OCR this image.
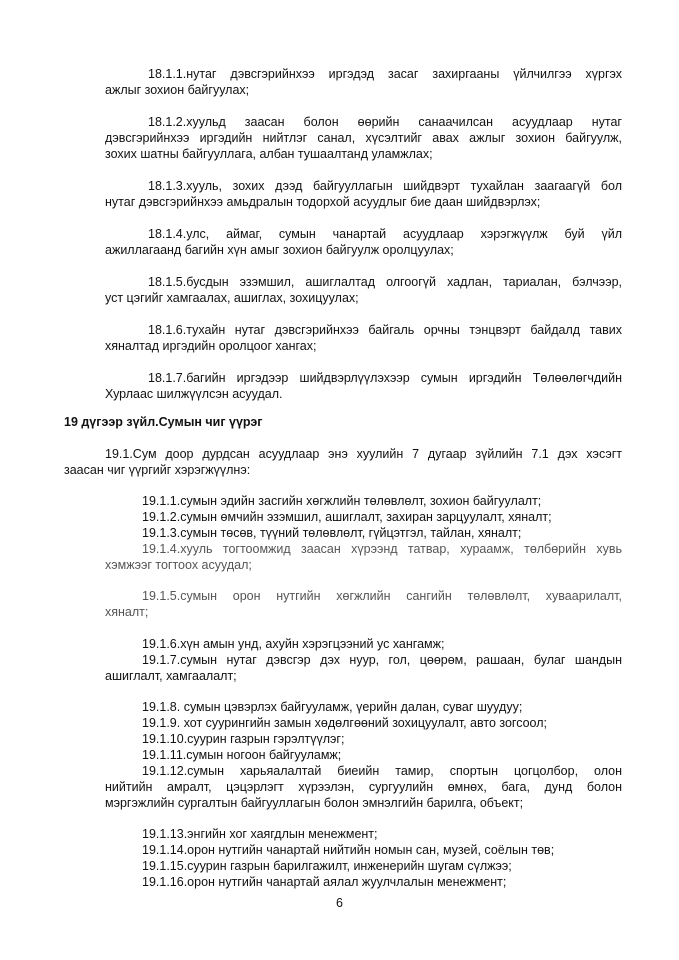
18.1.1.нутаг дэвсгэрийнхээ иргэдэд засаг захиргааны үйлчилгээ хүргэх
ажлыг зохион байгуулах;
18.1.2.хуульд заасан болон өөрийн санаачилсан асуудлаар нутаг
дэвсгэрийнхээ иргэдийн нийтлэг санал, хүсэлтийг авах ажлыг зохион байгуулж,
зохих шатны байгууллага, албан тушаалтанд уламжлах;
18.1.3.хууль, зохих дээд байгууллагын шийдвэрт тухайлан заагаагүй бол
нутаг дэвсгэрийнхээ амьдралын тодорхой асуудлыг бие даан шийдвэрлэх;
18.1.4.улс, аймаг, сумын чанартай асуудлаар хэрэгжүүлж буй үйл
ажиллагаанд багийн хүн амыг зохион байгуулж оролцуулах;
18.1.5.бусдын эзэмшил, ашиглалтад олгоогүй хадлан, тариалан, бэлчээр,
уст цэгийг хамгаалах, ашиглах, зохицуулах;
18.1.6.тухайн нутаг дэвсгэрийнхээ байгаль орчны тэнцвэрт байдалд тавих
хяналтад иргэдийн оролцоог хангах;
18.1.7.багийн иргэдээр шийдвэрлүүлэхээр сумын иргэдийн Төлөөлөгчдийн
Хурлаас шилжүүлсэн асуудал.
19 дүгээр зүйл.Сумын чиг үүрэг
19.1.Сум доор дурдсан асуудлаар энэ хуулийн 7 дугаар зүйлийн 7.1 дэх хэсэгт
заасан чиг үүргийг хэрэгжүүлнэ:
19.1.1.сумын эдийн засгийн хөгжлийн төлөвлөлт, зохион байгуулалт;
19.1.2.сумын өмчийн эзэмшил, ашиглалт, захиран зарцуулалт, хяналт;
19.1.3.сумын төсөв, түүний төлөвлөлт, гүйцэтгэл, тайлан, хяналт;
19.1.4.хууль тогтоомжид заасан хүрээнд татвар, хураамж, төлбөрийн хувь
хэмжээг тогтоох асуудал;
19.1.5.сумын орон нутгийн хөгжлийн сангийн төлөвлөлт, хуваарилалт,
хяналт;
19.1.6.хүн амын унд, ахуйн хэрэгцээний ус хангамж;
19.1.7.сумын нутаг дэвсгэр дэх нуур, гол, цөөрөм, рашаан, булаг шандын
ашиглалт, хамгаалалт;
19.1.8. сумын цэвэрлэх байгууламж, үерийн далан, суваг шуудуу;
19.1.9. хот суурингийн замын хөдөлгөөний зохицуулалт, авто зогсоол;
19.1.10.суурин газрын гэрэлтүүлэг;
19.1.11.сумын ногоон байгууламж;
19.1.12.сумын харьяалалтай биеийн тамир, спортын цогцолбор, олон
нийтийн амралт, цэцэрлэгт хүрээлэн, сургуулийн өмнөх, бага, дунд болон
мэргэжлийн сургалтын байгууллагын болон эмнэлгийн барилга, объект;
19.1.13.энгийн хог хаягдлын менежмент;
19.1.14.орон нутгийн чанартай нийтийн номын сан, музей, соёлын төв;
19.1.15.суурин газрын барилгажилт, инженерийн шугам сүлжээ;
19.1.16.орон нутгийн чанартай аялал жуулчлалын менежмент;
6
